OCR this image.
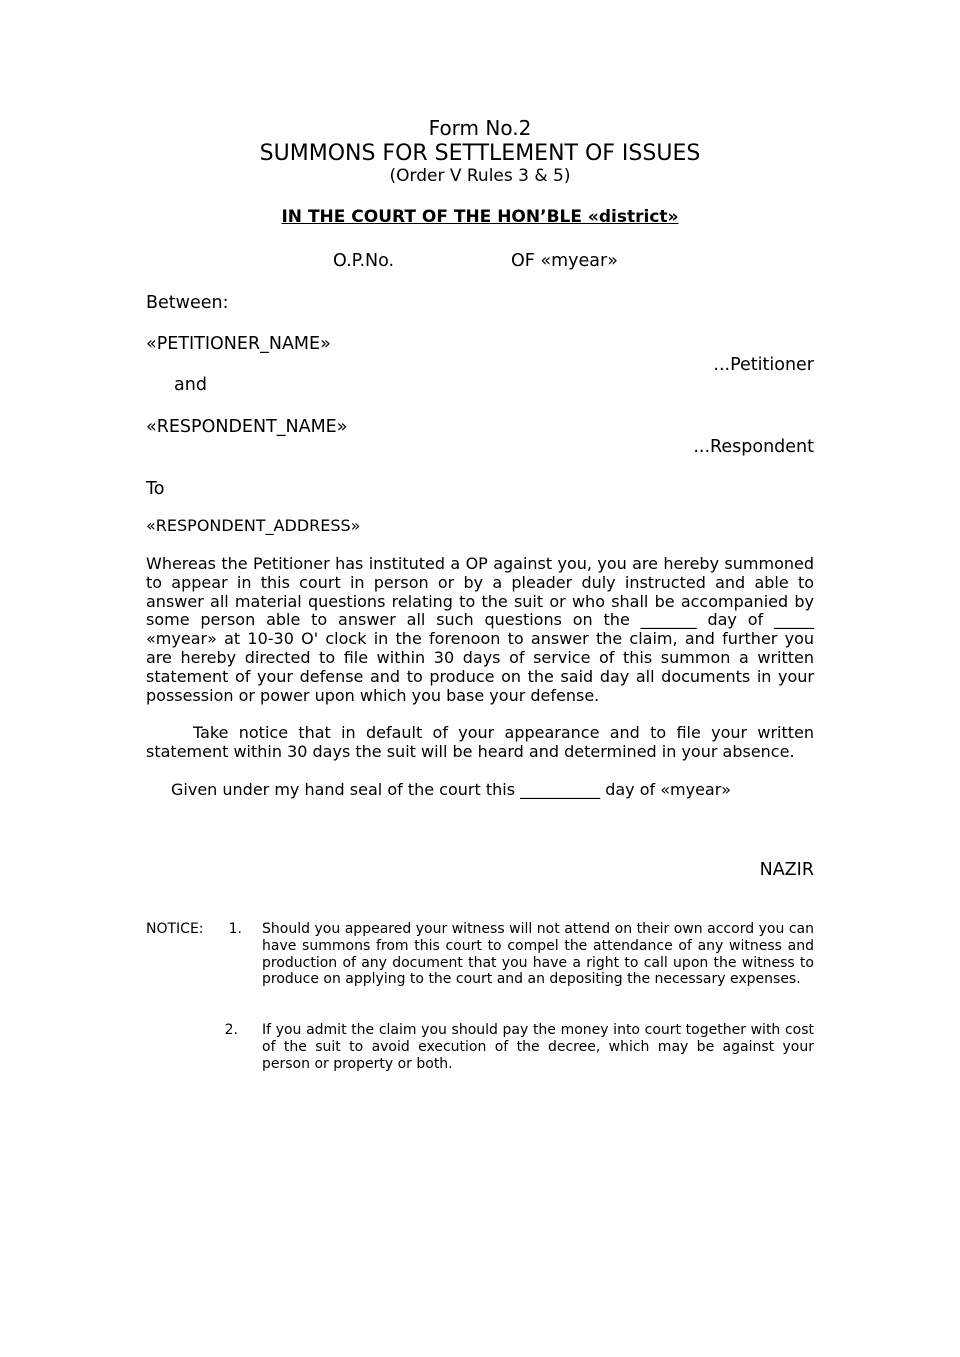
Form No.2
SUMMONS FOR SETTLEMENT OF ISSUES
(Order V Rules 3 & 5)
IN THE COURT OF THE HON’BLE «district»
O.P.No.	OF «myear»
Between:
«PETITIONER_NAME»
...Petitioner
and
«RESPONDENT_NAME»
...Respondent
To
«RESPONDENT_ADDRESS»

Whereas the Petitioner has instituted a OP against you, you are hereby summoned to appear in this court in person or by a pleader duly instructed and able to answer all material questions relating to the suit or who shall be accompanied by some person able to answer all such questions on the _______ day of _____ «myear» at 10-30 O' clock in the forenoon to answer the claim, and further you are hereby directed to file within 30 days of service of this summon a written statement of your defense and to produce on the said day all documents in your possession or power upon which you base your defense.

Take notice that in default of your appearance and to file your written statement within 30 days the suit will be heard and determined in your absence.

Given under my hand seal of the court this __________ day of «myear»
NAZIR
NOTICE:	1. Should you appeared your witness will not attend on their own accord you can have summons from this court to compel the attendance of any witness and production of any document that you have a right to call upon the witness to produce on applying to the court and an depositing the necessary expenses.

2. If you admit the claim you should pay the money into court together with cost of the suit to avoid execution of the decree, which may be against your person or property or both.
